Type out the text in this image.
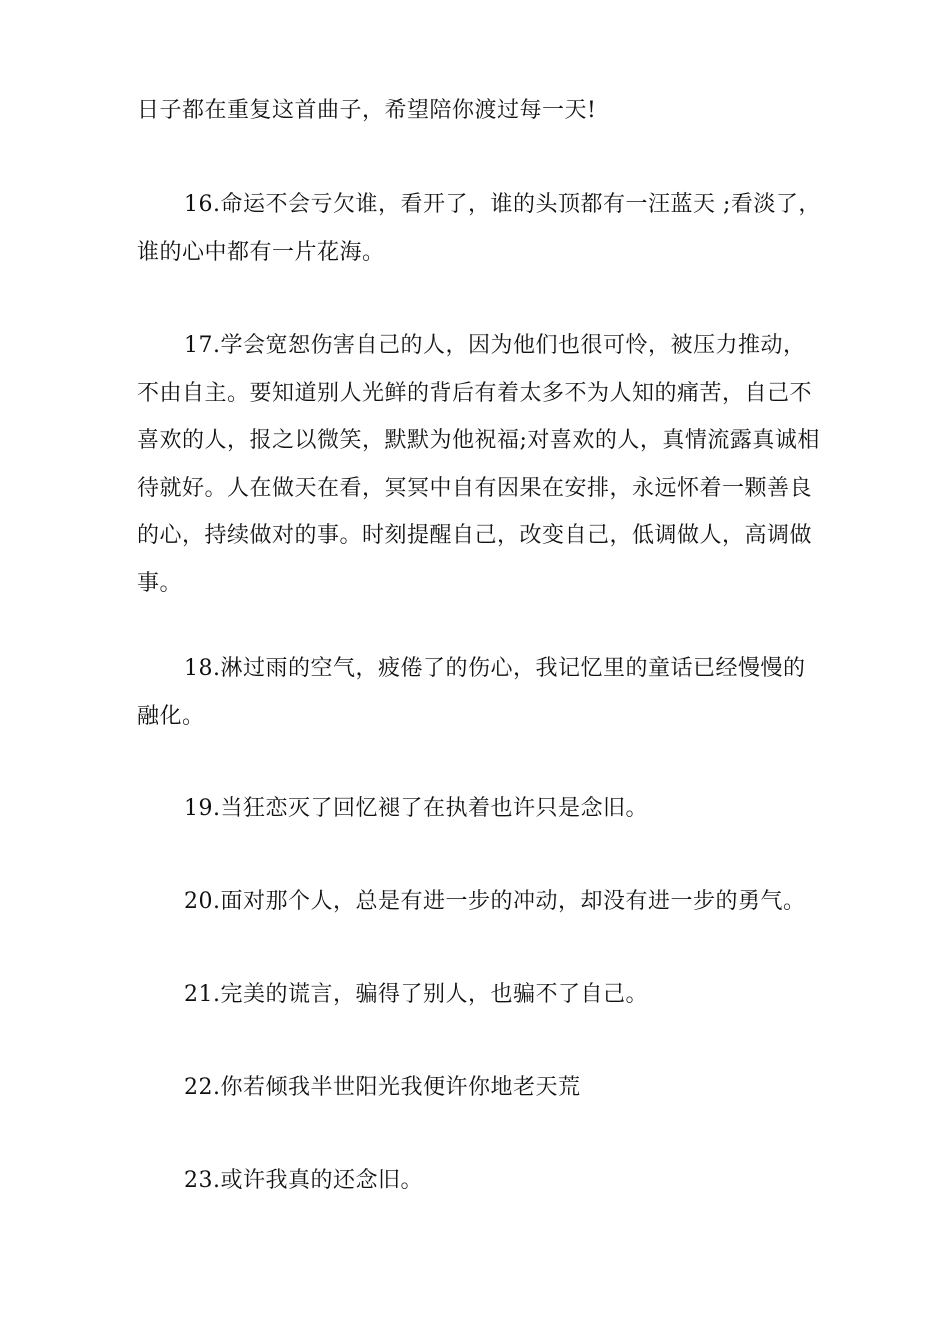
日子都在重复这首曲子，希望陪你渡过每一天!

16.命运不会亏欠谁，看开了，谁的头顶都有一汪蓝天 ;看淡了，谁的心中都有一片花海。

17.学会宽恕伤害自己的人，因为他们也很可怜，被压力推动，不由自主。要知道别人光鲜的背后有着太多不为人知的痛苦，自己不喜欢的人，报之以微笑，默默为他祝福;对喜欢的人，真情流露真诚相待就好。人在做天在看，冥冥中自有因果在安排，永远怀着一颗善良的心，持续做对的事。时刻提醒自己，改变自己，低调做人，高调做事。

18.淋过雨的空气，疲倦了的伤心，我记忆里的童话已经慢慢的融化。

19.当狂恋灭了回忆褪了在执着也许只是念旧。

20.面对那个人，总是有进一步的冲动，却没有进一步的勇气。

21.完美的谎言，骗得了别人，也骗不了自己。

22.你若倾我半世阳光我便许你地老天荒

23.或许我真的还念旧。
